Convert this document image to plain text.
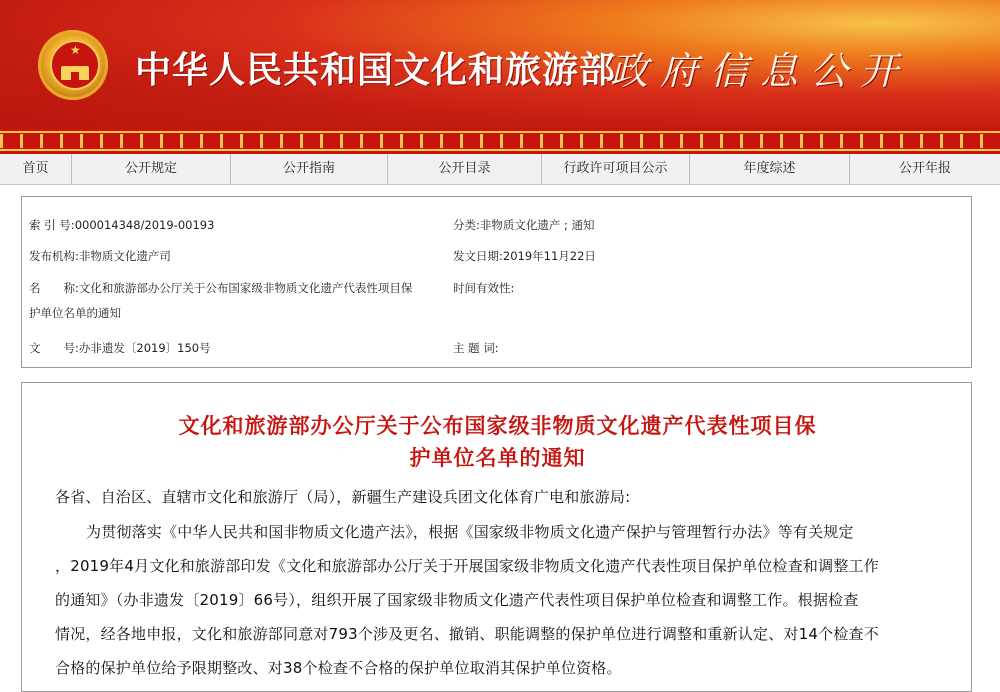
★ 中华人民共和国文化和旅游部
政府信息公开
首页	公开规定	公开指南	公开目录	行政许可项目公示	年度综述	公开年报
索 引 号:000014348/2019-00193	分类:非物质文化遗产 ; 通知
发布机构:非物质文化遗产司	发文日期:2019年11月22日
名　　称:文化和旅游部办公厅关于公布国家级非物质文化遗产代表性项目保
护单位名单的通知
时间有效性:
文　　号:办非遗发〔2019〕150号	主 题 词:
文化和旅游部办公厅关于公布国家级非物质文化遗产代表性项目保
护单位名单的通知
各省、自治区、直辖市文化和旅游厅（局），新疆生产建设兵团文化体育广电和旅游局:
为贯彻落实《中华人民共和国非物质文化遗产法》，根据《国家级非物质文化遗产保护与管理暂行办法》等有关规定
，2019年4月文化和旅游部印发《文化和旅游部办公厅关于开展国家级非物质文化遗产代表性项目保护单位检查和调整工作
的通知》（办非遗发〔2019〕66号），组织开展了国家级非物质文化遗产代表性项目保护单位检查和调整工作。根据检查
情况，经各地申报，文化和旅游部同意对793个涉及更名、撤销、职能调整的保护单位进行调整和重新认定、对14个检查不
合格的保护单位给予限期整改、对38个检查不合格的保护单位取消其保护单位资格。
